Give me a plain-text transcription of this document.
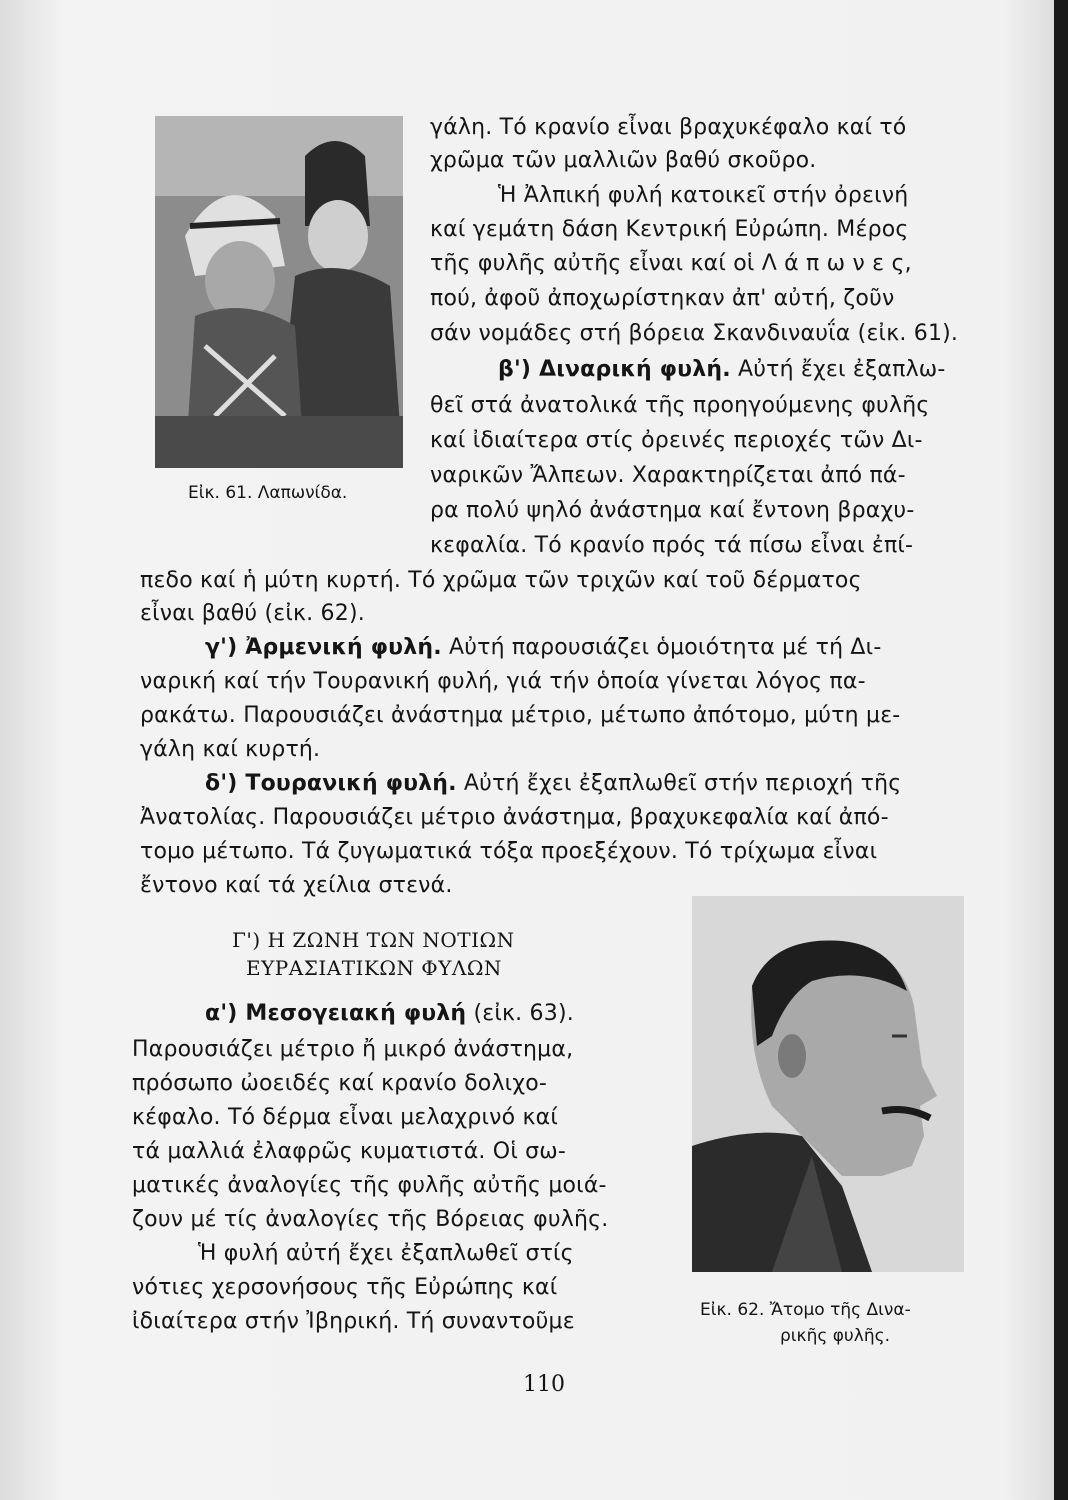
Εἰκ. 61. Λαπωνίδα.
γάλη. Τό κρανίο εἶναι βραχυκέφαλο καί τό
χρῶμα τῶν μαλλιῶν βαθύ σκοῦρο.
Ἡ Ἀλπική φυλή κατοικεῖ στήν ὀρεινή
καί γεμάτη δάση Κεντρική Εὐρώπη. Μέρος
τῆς φυλῆς αὐτῆς εἶναι καί οἱ Λ ά π ω ν ε ς,
πού, ἀφοῦ ἀποχωρίστηκαν ἀπ' αὐτή, ζοῦν
σάν νομάδες στή βόρεια Σκανδιναυΐα (εἰκ. 61).
β') Διναρική φυλή. Αὐτή ἔχει ἐξαπλω-
θεῖ στά ἀνατολικά τῆς προηγούμενης φυλῆς
καί ἰδιαίτερα στίς ὀρεινές περιοχές τῶν Δι-
ναρικῶν Ἄλπεων. Χαρακτηρίζεται ἀπό πά-
ρα πολύ ψηλό ἀνάστημα καί ἔντονη βραχυ-
κεφαλία. Τό κρανίο πρός τά πίσω εἶναι ἐπί-
πεδο καί ἡ μύτη κυρτή. Τό χρῶμα τῶν τριχῶν καί τοῦ δέρματος
εἶναι βαθύ (εἰκ. 62).
γ') Ἀρμενική φυλή. Αὐτή παρουσιάζει ὁμοιότητα μέ τή Δι-
ναρική καί τήν Τουρανική φυλή, γιά τήν ὁποία γίνεται λόγος πα-
ρακάτω. Παρουσιάζει ἀνάστημα μέτριο, μέτωπο ἀπότομο, μύτη με-
γάλη καί κυρτή.
δ') Τουρανική φυλή. Αὐτή ἔχει ἐξαπλωθεῖ στήν περιοχή τῆς
Ἀνατολίας. Παρουσιάζει μέτριο ἀνάστημα, βραχυκεφαλία καί ἀπό-
τομο μέτωπο. Τά ζυγωματικά τόξα προεξέχουν. Τό τρίχωμα εἶναι
ἔντονο καί τά χείλια στενά.
Γ') Η ΖΩΝΗ ΤΩΝ ΝΟΤΙΩΝ
ΕΥΡΑΣΙΑΤΙΚΩΝ ΦΥΛΩΝ
α') Μεσογειακή φυλή (εἰκ. 63).
Παρουσιάζει μέτριο ἤ μικρό ἀνάστημα,
πρόσωπο ὠοειδές καί κρανίο δολιχο-
κέφαλο. Τό δέρμα εἶναι μελαχρινό καί
τά μαλλιά ἐλαφρῶς κυματιστά. Οἱ σω-
ματικές ἀναλογίες τῆς φυλῆς αὐτῆς μοιά-
ζουν μέ τίς ἀναλογίες τῆς Βόρειας φυλῆς.
Ἡ φυλή αὐτή ἔχει ἐξαπλωθεῖ στίς
νότιες χερσονήσους τῆς Εὐρώπης καί
ἰδιαίτερα στήν Ἰβηρική. Τή συναντοῦμε	Εἰκ. 62. Ἄτομο τῆς Δινα-
ρικῆς φυλῆς.
110
